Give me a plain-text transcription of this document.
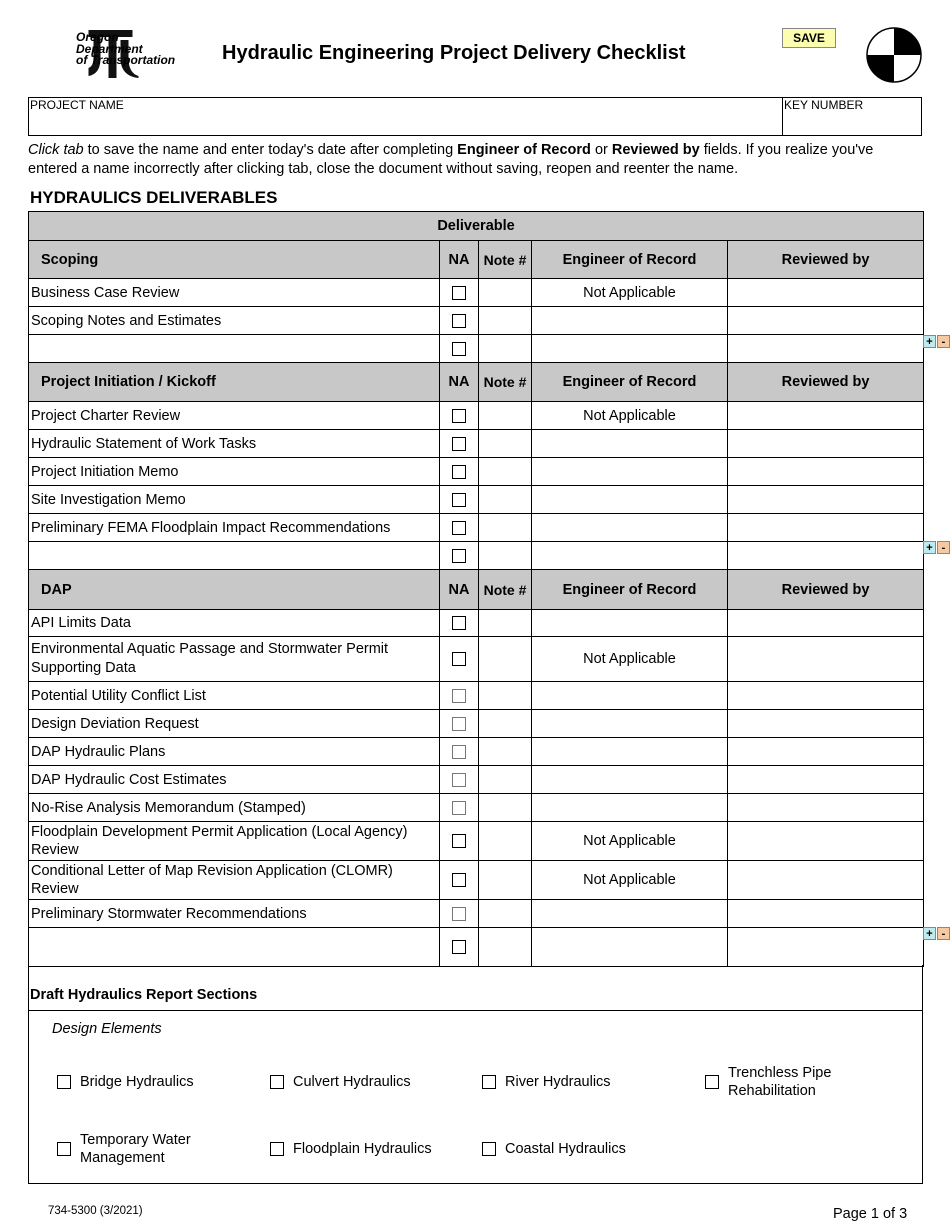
Oregon
Department
of Transportation Hydraulic Engineering Project Delivery Checklist
SAVE
PROJECT NAME	KEY NUMBER
Click tab to save the name and enter today's date after completing Engineer of Record or Reviewed by fields. If you realize you've entered a name incorrectly after clicking tab, close the document without saving, reopen and reenter the name.
HYDRAULICS DELIVERABLES
Deliverable				
Scoping	NA	Note #	Engineer of Record	Reviewed by
Business Case Review			Not Applicable	
Scoping Notes and Estimates				

Project Initiation / Kickoff	NA	Note #	Engineer of Record	Reviewed by
Project Charter Review			Not Applicable	
Hydraulic Statement of Work Tasks				
Project Initiation Memo				
Site Investigation Memo				
Preliminary FEMA Floodplain Impact Recommendations				

DAP	NA	Note #	Engineer of Record	Reviewed by
API Limits Data				
Environmental Aquatic Passage and Stormwater Permit Supporting Data			Not Applicable	
Potential Utility Conflict List				
Design Deviation Request				
DAP Hydraulic Plans				
DAP Hydraulic Cost Estimates				
No-Rise Analysis Memorandum (Stamped)				
Floodplain Development Permit Application (Local Agency) Review			Not Applicable	
Conditional Letter of Map Revision Application (CLOMR) Review			Not Applicable	
Preliminary Stormwater Recommendations				

+ -
+ -
+ -
Draft Hydraulics Report Sections
Design Elements
Bridge Hydraulics	Culvert Hydraulics	River Hydraulics
Trenchless Pipe Rehabilitation
Temporary Water Management
Floodplain Hydraulics	Coastal Hydraulics
734-5300 (3/2021)	Page 1 of 3
